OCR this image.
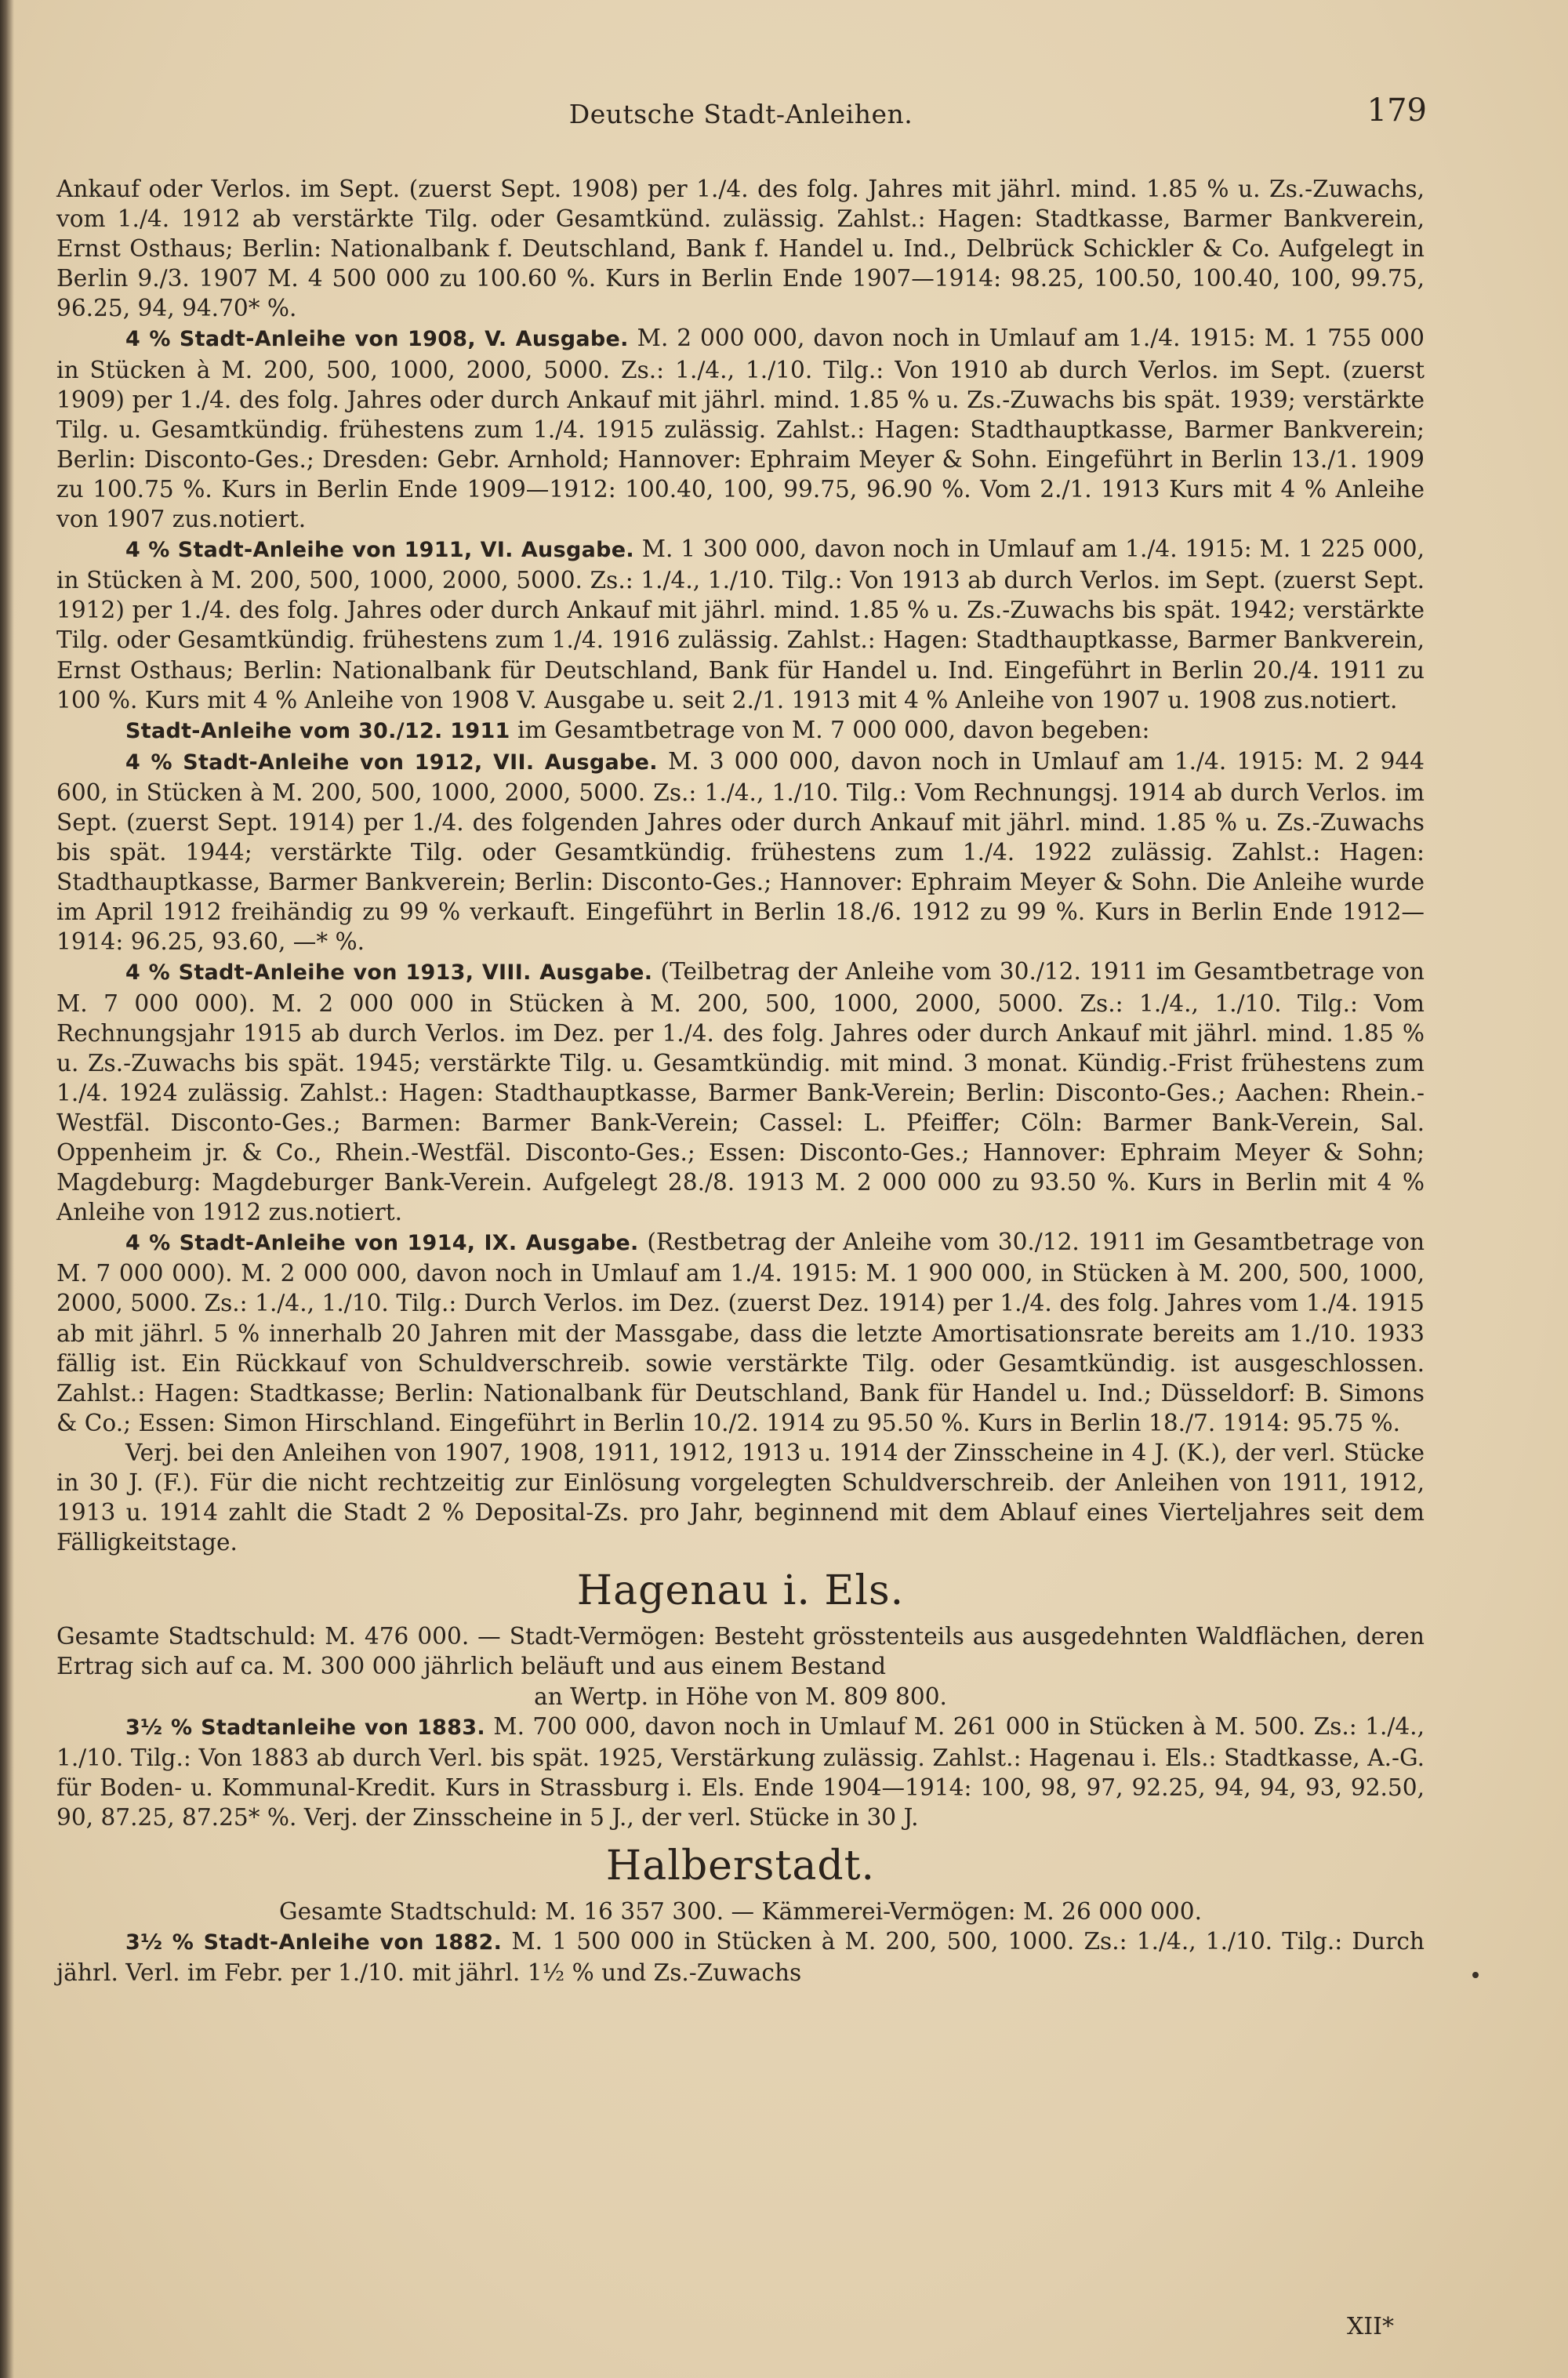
Deutsche Stadt-Anleihen.	179

Ankauf oder Verlos. im Sept. (zuerst Sept. 1908) per 1./4. des folg. Jahres mit jährl. mind. 1.85 % u. Zs.-Zuwachs, vom 1./4. 1912 ab verstärkte Tilg. oder Gesamtkünd. zulässig. Zahlst.: Hagen: Stadtkasse, Barmer Bankverein, Ernst Osthaus; Berlin: Nationalbank f. Deutschland, Bank f. Handel u. Ind., Delbrück Schickler & Co. Aufgelegt in Berlin 9./3. 1907 M. 4 500 000 zu 100.60 %. Kurs in Berlin Ende 1907—1914: 98.25, 100.50, 100.40, 100, 99.75, 96.25, 94, 94.70* %.

4 % Stadt-Anleihe von 1908, V. Ausgabe. M. 2 000 000, davon noch in Umlauf am 1./4. 1915: M. 1 755 000 in Stücken à M. 200, 500, 1000, 2000, 5000. Zs.: 1./4., 1./10. Tilg.: Von 1910 ab durch Verlos. im Sept. (zuerst 1909) per 1./4. des folg. Jahres oder durch Ankauf mit jährl. mind. 1.85 % u. Zs.-Zuwachs bis spät. 1939; verstärkte Tilg. u. Gesamtkündig. frühestens zum 1./4. 1915 zulässig. Zahlst.: Hagen: Stadthauptkasse, Barmer Bankverein; Berlin: Disconto-Ges.; Dresden: Gebr. Arnhold; Hannover: Ephraim Meyer & Sohn. Eingeführt in Berlin 13./1. 1909 zu 100.75 %. Kurs in Berlin Ende 1909—1912: 100.40, 100, 99.75, 96.90 %. Vom 2./1. 1913 Kurs mit 4 % Anleihe von 1907 zus.notiert.

4 % Stadt-Anleihe von 1911, VI. Ausgabe. M. 1 300 000, davon noch in Umlauf am 1./4. 1915: M. 1 225 000, in Stücken à M. 200, 500, 1000, 2000, 5000. Zs.: 1./4., 1./10. Tilg.: Von 1913 ab durch Verlos. im Sept. (zuerst Sept. 1912) per 1./4. des folg. Jahres oder durch Ankauf mit jährl. mind. 1.85 % u. Zs.-Zuwachs bis spät. 1942; verstärkte Tilg. oder Gesamtkündig. frühestens zum 1./4. 1916 zulässig. Zahlst.: Hagen: Stadthauptkasse, Barmer Bankverein, Ernst Osthaus; Berlin: Nationalbank für Deutschland, Bank für Handel u. Ind. Eingeführt in Berlin 20./4. 1911 zu 100 %. Kurs mit 4 % Anleihe von 1908 V. Ausgabe u. seit 2./1. 1913 mit 4 % Anleihe von 1907 u. 1908 zus.notiert.

Stadt-Anleihe vom 30./12. 1911 im Gesamtbetrage von M. 7 000 000, davon begeben:

4 % Stadt-Anleihe von 1912, VII. Ausgabe. M. 3 000 000, davon noch in Umlauf am 1./4. 1915: M. 2 944 600, in Stücken à M. 200, 500, 1000, 2000, 5000. Zs.: 1./4., 1./10. Tilg.: Vom Rechnungsj. 1914 ab durch Verlos. im Sept. (zuerst Sept. 1914) per 1./4. des folgenden Jahres oder durch Ankauf mit jährl. mind. 1.85 % u. Zs.-Zuwachs bis spät. 1944; verstärkte Tilg. oder Gesamtkündig. frühestens zum 1./4. 1922 zulässig. Zahlst.: Hagen: Stadthauptkasse, Barmer Bankverein; Berlin: Disconto-Ges.; Hannover: Ephraim Meyer & Sohn. Die Anleihe wurde im April 1912 freihändig zu 99 % verkauft. Eingeführt in Berlin 18./6. 1912 zu 99 %. Kurs in Berlin Ende 1912—1914: 96.25, 93.60, —* %.

4 % Stadt-Anleihe von 1913, VIII. Ausgabe. (Teilbetrag der Anleihe vom 30./12. 1911 im Gesamtbetrage von M. 7 000 000). M. 2 000 000 in Stücken à M. 200, 500, 1000, 2000, 5000. Zs.: 1./4., 1./10. Tilg.: Vom Rechnungsjahr 1915 ab durch Verlos. im Dez. per 1./4. des folg. Jahres oder durch Ankauf mit jährl. mind. 1.85 % u. Zs.-Zuwachs bis spät. 1945; verstärkte Tilg. u. Gesamtkündig. mit mind. 3 monat. Kündig.-Frist frühestens zum 1./4. 1924 zulässig. Zahlst.: Hagen: Stadthauptkasse, Barmer Bank-Verein; Berlin: Disconto-Ges.; Aachen: Rhein.-Westfäl. Disconto-Ges.; Barmen: Barmer Bank-Verein; Cassel: L. Pfeiffer; Cöln: Barmer Bank-Verein, Sal. Oppenheim jr. & Co., Rhein.-Westfäl. Disconto-Ges.; Essen: Disconto-Ges.; Hannover: Ephraim Meyer & Sohn; Magdeburg: Magdeburger Bank-Verein. Aufgelegt 28./8. 1913 M. 2 000 000 zu 93.50 %. Kurs in Berlin mit 4 % Anleihe von 1912 zus.notiert.

4 % Stadt-Anleihe von 1914, IX. Ausgabe. (Restbetrag der Anleihe vom 30./12. 1911 im Gesamtbetrage von M. 7 000 000). M. 2 000 000, davon noch in Umlauf am 1./4. 1915: M. 1 900 000, in Stücken à M. 200, 500, 1000, 2000, 5000. Zs.: 1./4., 1./10. Tilg.: Durch Verlos. im Dez. (zuerst Dez. 1914) per 1./4. des folg. Jahres vom 1./4. 1915 ab mit jährl. 5 % innerhalb 20 Jahren mit der Massgabe, dass die letzte Amortisationsrate bereits am 1./10. 1933 fällig ist. Ein Rückkauf von Schuldverschreib. sowie verstärkte Tilg. oder Gesamtkündig. ist ausgeschlossen. Zahlst.: Hagen: Stadtkasse; Berlin: Nationalbank für Deutschland, Bank für Handel u. Ind.; Düsseldorf: B. Simons & Co.; Essen: Simon Hirschland. Eingeführt in Berlin 10./2. 1914 zu 95.50 %. Kurs in Berlin 18./7. 1914: 95.75 %.

Verj. bei den Anleihen von 1907, 1908, 1911, 1912, 1913 u. 1914 der Zinsscheine in 4 J. (K.), der verl. Stücke in 30 J. (F.). Für die nicht rechtzeitig zur Einlösung vorgelegten Schuldverschreib. der Anleihen von 1911, 1912, 1913 u. 1914 zahlt die Stadt 2 % Deposital-Zs. pro Jahr, beginnend mit dem Ablauf eines Vierteljahres seit dem Fälligkeitstage.

Hagenau i. Els.

Gesamte Stadtschuld: M. 476 000. — Stadt-Vermögen: Besteht grösstenteils aus ausgedehnten Waldflächen, deren Ertrag sich auf ca. M. 300 000 jährlich beläuft und aus einem Bestand

an Wertp. in Höhe von M. 809 800.

3½ % Stadtanleihe von 1883. M. 700 000, davon noch in Umlauf M. 261 000 in Stücken à M. 500. Zs.: 1./4., 1./10. Tilg.: Von 1883 ab durch Verl. bis spät. 1925, Verstärkung zulässig. Zahlst.: Hagenau i. Els.: Stadtkasse, A.-G. für Boden- u. Kommunal-Kredit. Kurs in Strassburg i. Els. Ende 1904—1914: 100, 98, 97, 92.25, 94, 94, 93, 92.50, 90, 87.25, 87.25* %. Verj. der Zinsscheine in 5 J., der verl. Stücke in 30 J.

Halberstadt.

Gesamte Stadtschuld: M. 16 357 300. — Kämmerei-Vermögen: M. 26 000 000.

3½ % Stadt-Anleihe von 1882. M. 1 500 000 in Stücken à M. 200, 500, 1000. Zs.: 1./4., 1./10. Tilg.: Durch jährl. Verl. im Febr. per 1./10. mit jährl. 1½ % und Zs.-Zuwachs

XII*
